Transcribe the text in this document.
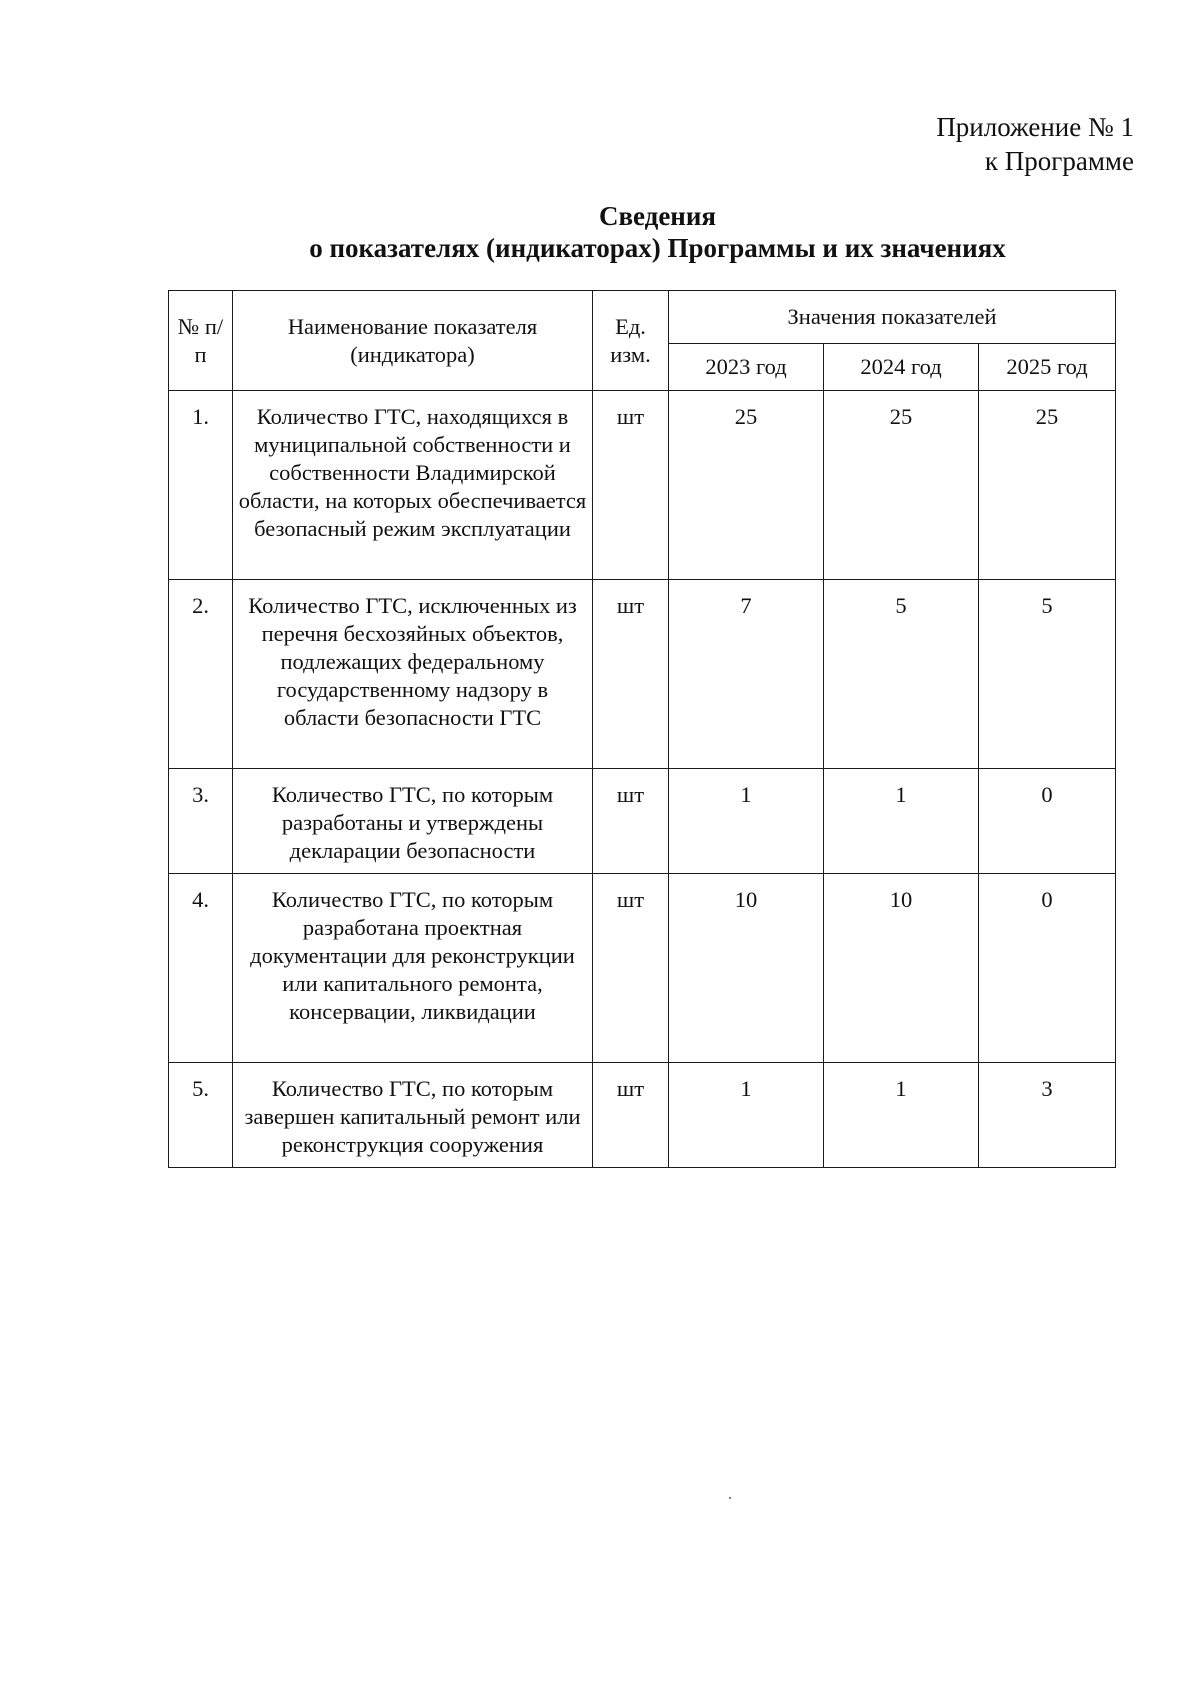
Приложение № 1
к Программе
Сведения
о показателях (индикаторах) Программы и их значениях
№ п/п	Наименование показателя (индикатора)	Ед. изм.	Значения показателей		
			2023 год	2024 год	2025 год
1.	Количество ГТС, находящихся в муниципальной собственности и собственности Владимирской области, на которых обеспечивается безопасный режим эксплуатации	шт	25	25	25
2.	Количество ГТС, исключенных из перечня бесхозяйных объектов, подлежащих федеральному государственному надзору в области безопасности ГТС	шт	7	5	5
3.	Количество ГТС, по которым разработаны и утверждены декларации безопасности	шт	1	1	0
4.	Количество ГТС, по которым разработана проектная документации для реконструкции или капитального ремонта, консервации, ликвидации	шт	10	10	0
5.	Количество ГТС, по которым завершен капитальный ремонт или реконструкция сооружения	шт	1	1	3
